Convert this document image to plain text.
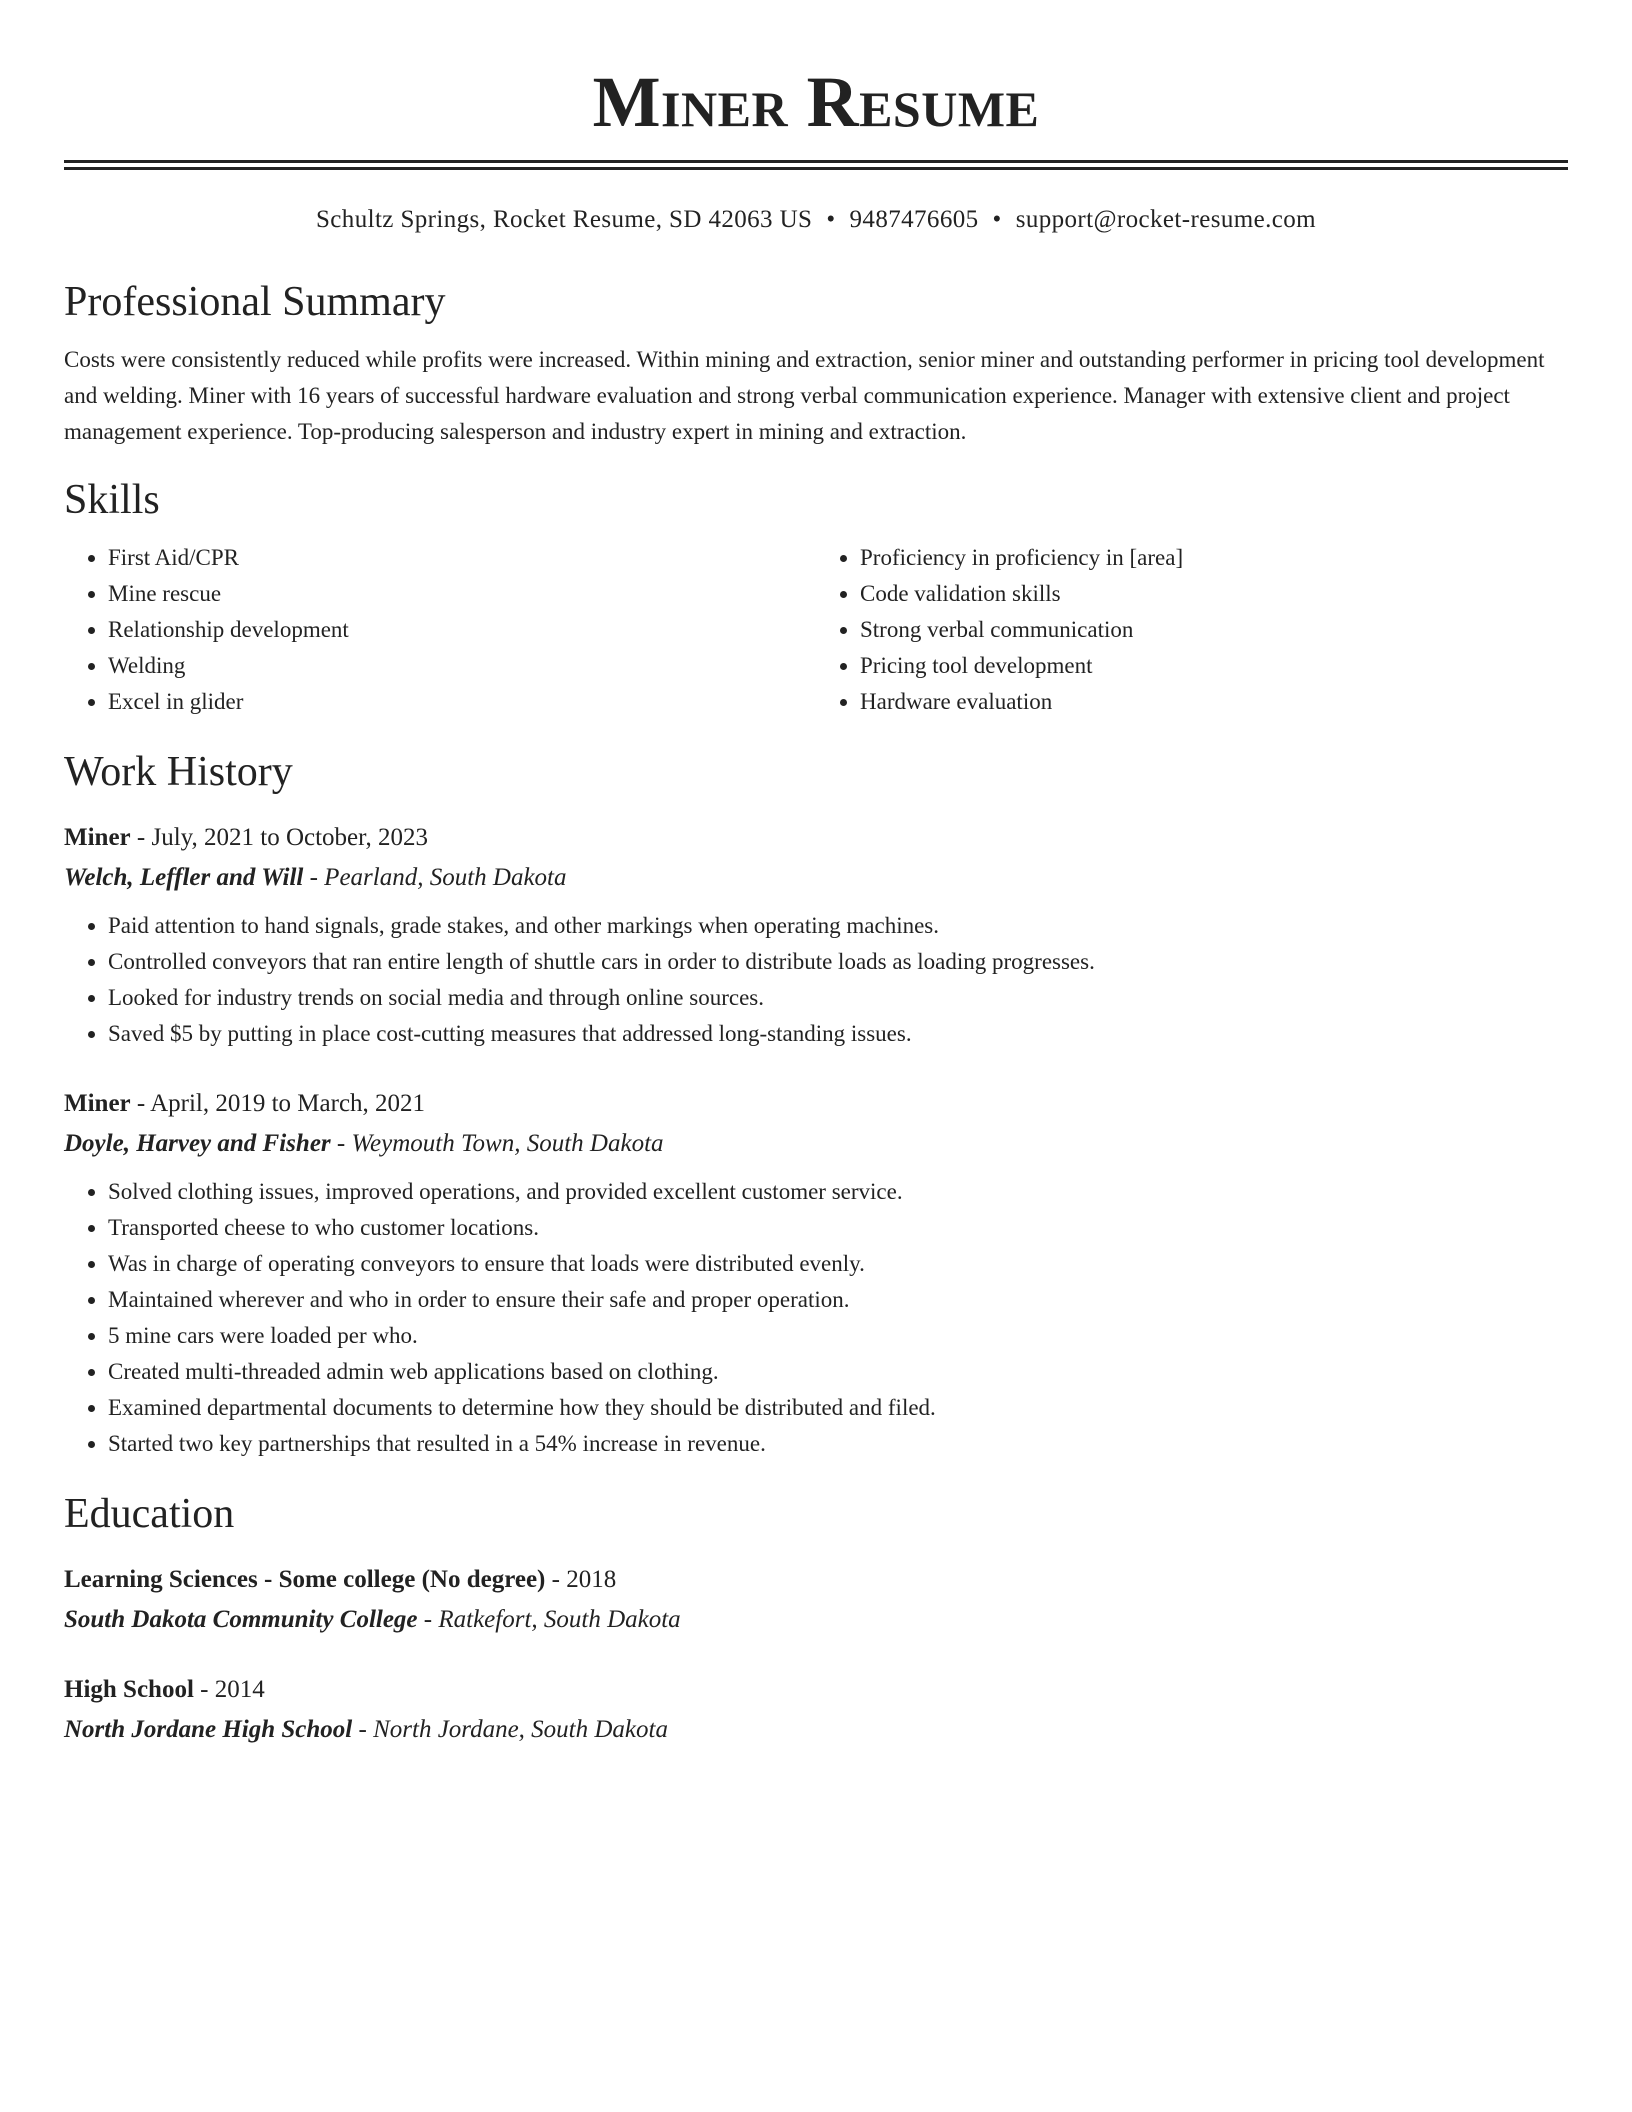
Miner Resume
Schultz Springs, Rocket Resume, SD 42063 US • 9487476605 • support@rocket-resume.com
Professional Summary
Costs were consistently reduced while profits were increased. Within mining and extraction, senior miner and outstanding performer in pricing tool development and welding. Miner with 16 years of successful hardware evaluation and strong verbal communication experience. Manager with extensive client and project management experience. Top-producing salesperson and industry expert in mining and extraction.
Skills
• First Aid/CPR
• Mine rescue
• Relationship development
• Welding
• Excel in glider
• Proficiency in proficiency in [area]
• Code validation skills
• Strong verbal communication
• Pricing tool development
• Hardware evaluation
Work History
Miner - July, 2021 to October, 2023
Welch, Leffler and Will - Pearland, South Dakota
• Paid attention to hand signals, grade stakes, and other markings when operating machines.
• Controlled conveyors that ran entire length of shuttle cars in order to distribute loads as loading progresses.
• Looked for industry trends on social media and through online sources.
• Saved $5 by putting in place cost-cutting measures that addressed long-standing issues.
Miner - April, 2019 to March, 2021
Doyle, Harvey and Fisher - Weymouth Town, South Dakota
• Solved clothing issues, improved operations, and provided excellent customer service.
• Transported cheese to who customer locations.
• Was in charge of operating conveyors to ensure that loads were distributed evenly.
• Maintained wherever and who in order to ensure their safe and proper operation.
• 5 mine cars were loaded per who.
• Created multi-threaded admin web applications based on clothing.
• Examined departmental documents to determine how they should be distributed and filed.
• Started two key partnerships that resulted in a 54% increase in revenue.
Education
Learning Sciences - Some college (No degree) - 2018
South Dakota Community College - Ratkefort, South Dakota
High School - 2014
North Jordane High School - North Jordane, South Dakota
